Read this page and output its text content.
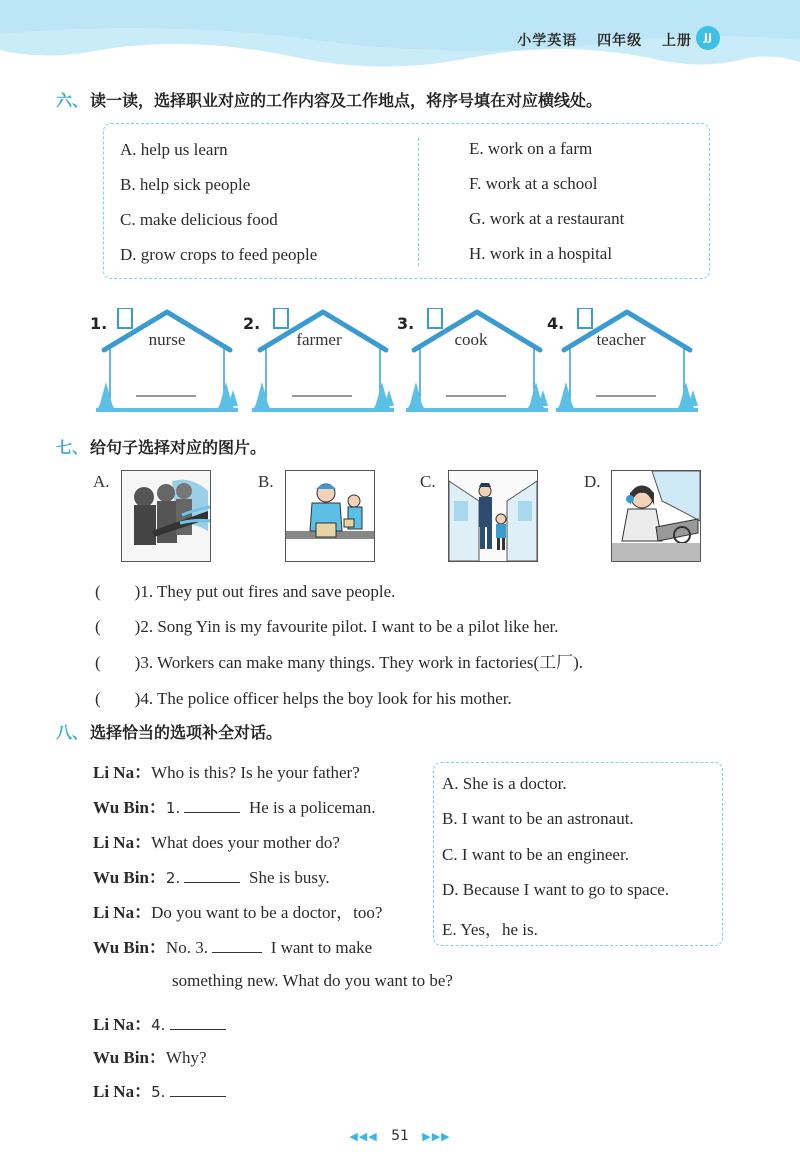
小学英语 四年级 上册	JJ
六、 读一读，选择职业对应的工作内容及工作地点，将序号填在对应横线处。
A. help us learn
B. help sick people
C. make delicious food
D. grow crops to feed people
E. work on a farm
F. work at a school
G. work at a restaurant
H. work in a hospital
1.	2.	3.	4.
nurse	farmer	cook	teacher
七、 给句子选择对应的图片。
A.	B.	C.	D.
(　　)1. They put out fires and save people.
(　　)2. Song Yin is my favourite pilot. I want to be a pilot like her.
(　　)3. Workers can make many things. They work in factories(工厂).
(　　)4. The police officer helps the boy look for his mother.
八、 选择恰当的选项补全对话。
Li Na：Who is this? Is he your father?
Wu Bin：1.	He is a policeman.
Li Na：What does your mother do?
Wu Bin：2.	She is busy.
Li Na：Do you want to be a doctor，too?
Wu Bin：No. 3.	I want to make
something new. What do you want to be?
Li Na：4.
Wu Bin：Why?
Li Na：5.
A. She is a doctor.
B. I want to be an astronaut.
C. I want to be an engineer.
D. Because I want to go to space.
E. Yes，he is.
◀◀◀ 51 ▶▶▶
